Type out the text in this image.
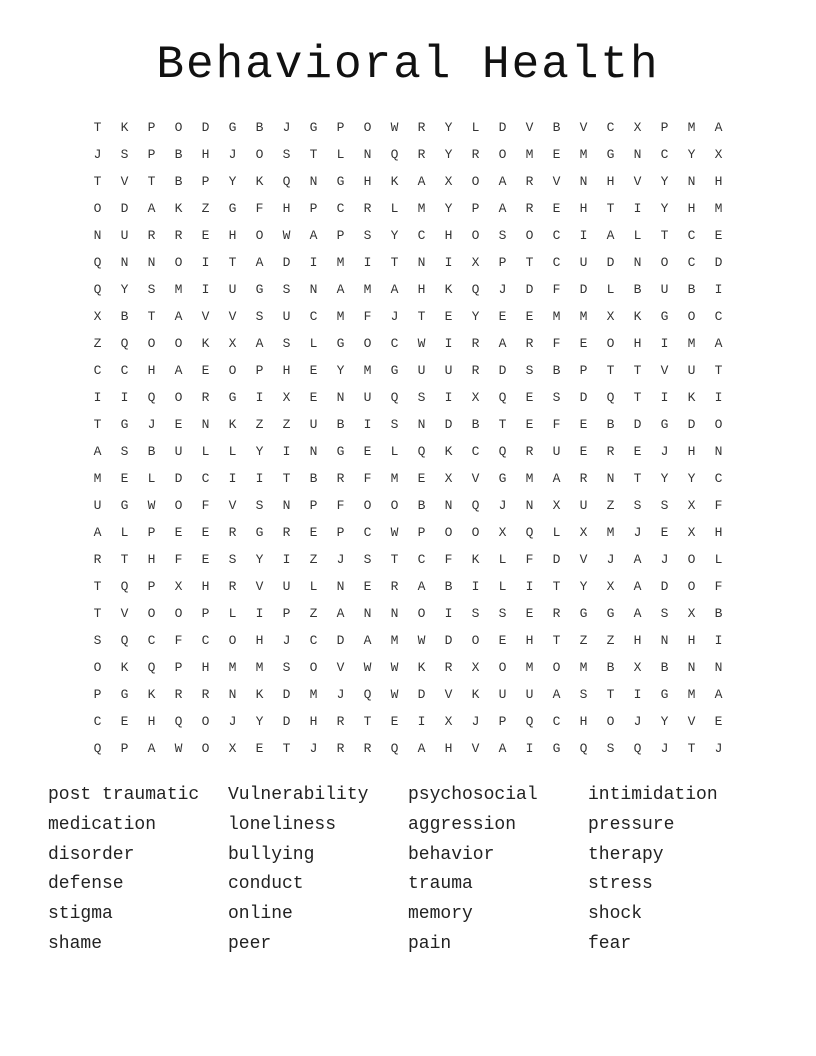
Behavioral Health
T	K	P	O	D	G	B	J	G	P	O	W	R	Y	L	D	V	B	V	C	X	P	M	A
J	S	P	B	H	J	O	S	T	L	N	Q	R	Y	R	O	M	E	M	G	N	C	Y	X
T	V	T	B	P	Y	K	Q	N	G	H	K	A	X	O	A	R	V	N	H	V	Y	N	H
O	D	A	K	Z	G	F	H	P	C	R	L	M	Y	P	A	R	E	H	T	I	Y	H	M
N	U	R	R	E	H	O	W	A	P	S	Y	C	H	O	S	O	C	I	A	L	T	C	E
Q	N	N	O	I	T	A	D	I	M	I	T	N	I	X	P	T	C	U	D	N	O	C	D
Q	Y	S	M	I	U	G	S	N	A	M	A	H	K	Q	J	D	F	D	L	B	U	B	I
X	B	T	A	V	V	S	U	C	M	F	J	T	E	Y	E	E	M	M	X	K	G	O	C
Z	Q	O	O	K	X	A	S	L	G	O	C	W	I	R	A	R	F	E	O	H	I	M	A
C	C	H	A	E	O	P	H	E	Y	M	G	U	U	R	D	S	B	P	T	T	V	U	T
I	I	Q	O	R	G	I	X	E	N	U	Q	S	I	X	Q	E	S	D	Q	T	I	K	I
T	G	J	E	N	K	Z	Z	U	B	I	S	N	D	B	T	E	F	E	B	D	G	D	O
A	S	B	U	L	L	Y	I	N	G	E	L	Q	K	C	Q	R	U	E	R	E	J	H	N
M	E	L	D	C	I	I	T	B	R	F	M	E	X	V	G	M	A	R	N	T	Y	Y	C
U	G	W	O	F	V	S	N	P	F	O	O	B	N	Q	J	N	X	U	Z	S	S	X	F
A	L	P	E	E	R	G	R	E	P	C	W	P	O	O	X	Q	L	X	M	J	E	X	H
R	T	H	F	E	S	Y	I	Z	J	S	T	C	F	K	L	F	D	V	J	A	J	O	L
T	Q	P	X	H	R	V	U	L	N	E	R	A	B	I	L	I	T	Y	X	A	D	O	F
T	V	O	O	P	L	I	P	Z	A	N	N	O	I	S	S	E	R	G	G	A	S	X	B
S	Q	C	F	C	O	H	J	C	D	A	M	W	D	O	E	H	T	Z	Z	H	N	H	I
O	K	Q	P	H	M	M	S	O	V	W	W	K	R	X	O	M	O	M	B	X	B	N	N
P	G	K	R	R	N	K	D	M	J	Q	W	D	V	K	U	U	A	S	T	I	G	M	A
C	E	H	Q	O	J	Y	D	H	R	T	E	I	X	J	P	Q	C	H	O	J	Y	V	E
Q	P	A	W	O	X	E	T	J	R	R	Q	A	H	V	A	I	G	Q	S	Q	J	T	J
post traumatic	Vulnerability	psychosocial	intimidation
medication	loneliness	aggression	pressure
disorder	bullying	behavior	therapy
defense	conduct	trauma	stress
stigma	online	memory	shock
shame	peer	pain	fear
